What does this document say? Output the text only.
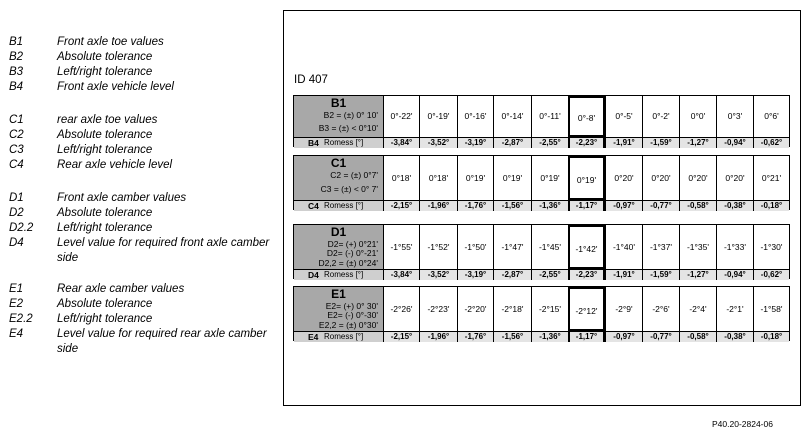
B1	Front axle toe values
B2	Absolute tolerance
B3	Left/right tolerance
B4	Front axle vehicle level
C1	rear axle toe values
C2	Absolute tolerance
C3	Left/right tolerance
C4	Rear axle vehicle level
D1	Front axle camber values
D2	Absolute tolerance
D2.2 Left/right tolerance
D4	Level value for required front axle camber side
E1	Rear axle camber values
E2	Absolute tolerance
E2.2 Left/right tolerance
E4	Level value for required rear axle camber side
ID 407
B1
B2 = (±) 0° 10'
B3 = (±) < 0°10'
0°-22'	0°-19'	0°-16'	0°-14'	0°-11'	0°-8'	0°-5'	0°-2'	0°0'	0°3'	0°6'
B4 Romess [°]	-3,84°	-3,52°	-3,19°	-2,87°	-2,55°	-2,23°	-1,91°	-1,59°	-1,27°	-0,94°	-0,62°
C1
C2 = (±) 0°7'
C3 = (±) < 0° 7'
0°18'	0°18'	0°19'	0°19'	0°19'	0°19'	0°20'	0°20'	0°20'	0°20'	0°21'
C4 Romess [°]	-2,15°	-1,96°	-1,76°	-1,56°	-1,36°	-1,17°	-0,97°	-0,77°	-0,58°	-0,38°	-0,18°
D1
D2= (+) 0°21'
D2= (-) 0°-21'
D2,2 = (±) 0°24'
-1°55'	-1°52'	-1°50'	-1°47'	-1°45'	-1°42'	-1°40'	-1°37'	-1°35'	-1°33'	-1°30'
D4 Romess [°]	-3,84°	-3,52°	-3,19°	-2,87°	-2,55°	-2,23°	-1,91°	-1,59°	-1,27°	-0,94°	-0,62°
E1
E2= (+) 0° 30'
E2= (-) 0°-30'
E2,2 = (±) 0°30'
-2°26'	-2°23'	-2°20'	-2°18'	-2°15'	-2°12'	-2°9'	-2°6'	-2°4'	-2°1'	-1°58'
E4 Romess [°]	-2,15°	-1,96°	-1,76°	-1,56°	-1,36°	-1,17°	-0,97°	-0,77°	-0,58°	-0,38°	-0,18°
P40.20-2824-06
